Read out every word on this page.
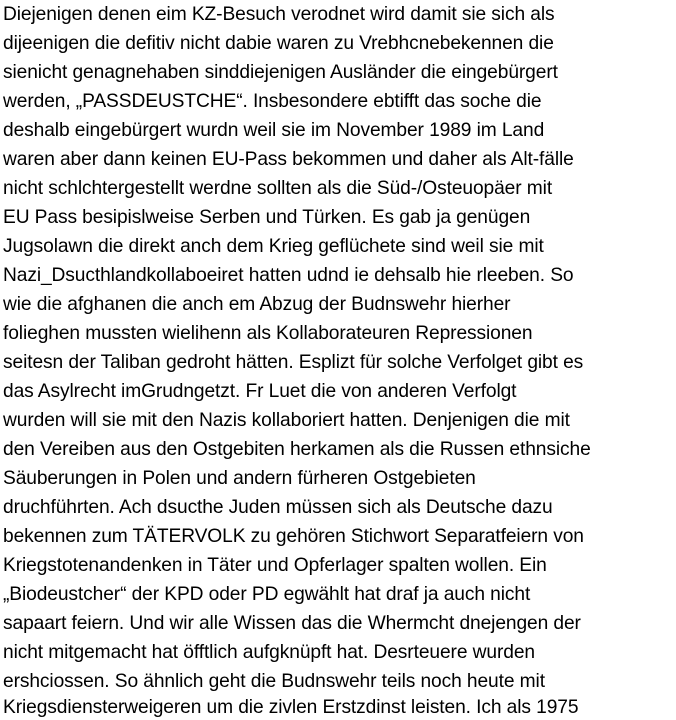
Diejenigen denen eim KZ-Besuch verodnet wird damit sie sich als
dijeenigen die defitiv nicht dabie waren zu Vrebhcnebekennen die
sienicht genagnehaben sinddiejenigen Ausländer die eingebürgert
werden, „PASSDEUSTCHE“. Insbesondere ebtifft das soche die
deshalb eingebürgert wurdn weil sie im November 1989 im Land
waren aber dann keinen EU-Pass bekommen und daher als Alt-fälle
nicht schlchtergestellt werdne sollten als die Süd-/Osteuopäer mit
EU Pass besipislweise Serben und Türken. Es gab ja genügen
Jugsolawn die direkt anch dem Krieg geflüchete sind weil sie mit
Nazi_Dsucthlandkollaboeiret hatten udnd ie dehsalb hie rleeben. So
wie die afghanen die anch em Abzug der Budnswehr hierher
folieghen mussten wielihenn als Kollaborateuren Repressionen
seitesn der Taliban gedroht hätten. Esplizt für solche Verfolget gibt es
das Asylrecht imGrudngetzt. Fr Luet die von anderen Verfolgt
wurden will sie mit den Nazis kollaboriert hatten. Denjenigen die mit
den Vereiben aus den Ostgebiten herkamen als die Russen ethnsiche
Säuberungen in Polen und andern fürheren Ostgebieten
druchführten. Ach dsucthe Juden müssen sich als Deutsche dazu
bekennen zum TÄTERVOLK zu gehören Stichwort Separatfeiern von
Kriegstotenandenken in Täter und Opferlager spalten wollen. Ein
„Biodeustcher“ der KPD oder PD egwählt hat draf ja auch nicht
sapaart feiern. Und wir alle Wissen das die Whermcht dnejengen der
nicht mitgemacht hat öfftlich aufgknüpft hat. Desrteuere wurden
ershciossen. So ähnlich geht die Budnswehr teils noch heute mit
Kriegsdiensterweigeren um die zivlen Erstzdinst leisten. Ich als 1975
